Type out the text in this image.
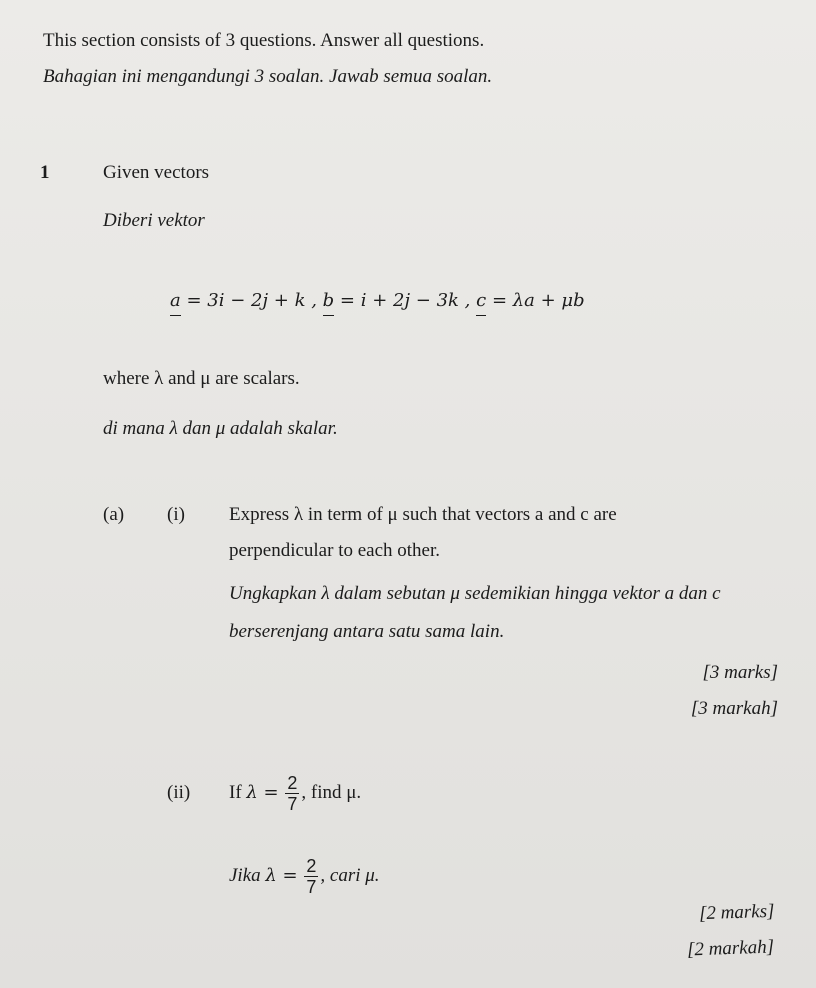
This section consists of 3 questions. Answer all questions.
Bahagian ini mengandungi 3 soalan. Jawab semua soalan.
1	Given vectors
Diberi vektor
a = 3i − 2j + k , b = i + 2j − 3k , c = λa + μb
where λ and μ are scalars.
di mana λ dan μ adalah skalar.
(a) (i) Express λ in term of μ such that vectors a and c are
perpendicular to each other.
Ungkapkan λ dalam sebutan μ sedemikian hingga vektor a dan c
berserenjang antara satu sama lain.
[3 marks]
[3 markah]
(ii) If $\lambda = \frac{2}{7}$ , find μ.
Jika $\lambda = \frac{2}{7}$ , cari μ.
[2 marks]
[2 markah]
